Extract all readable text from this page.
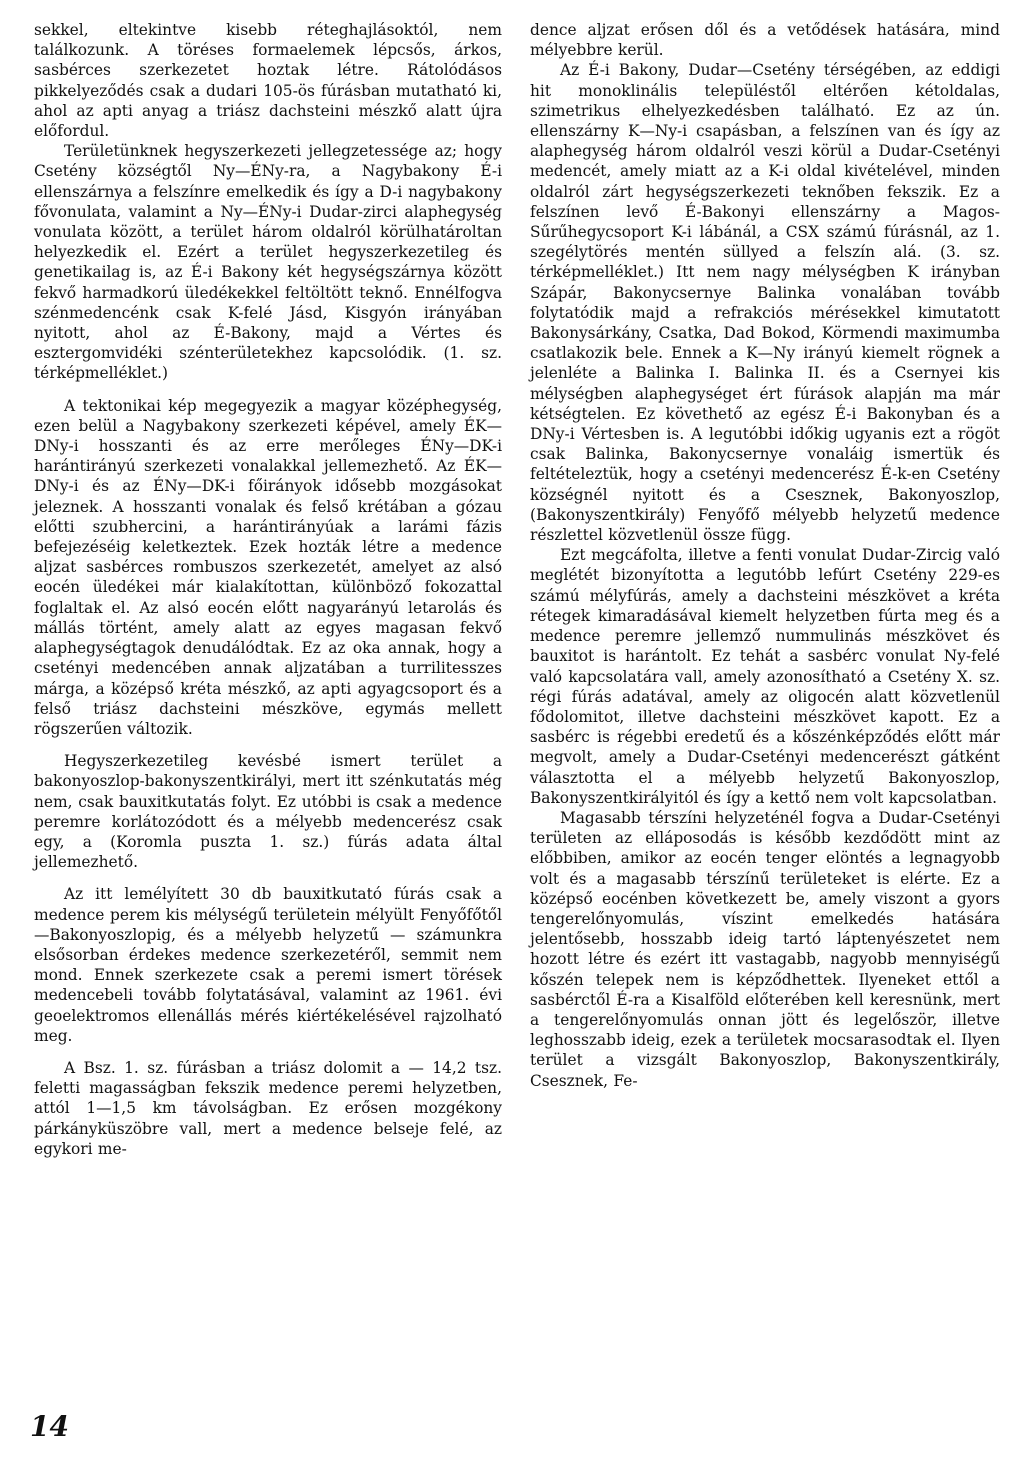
sekkel, eltekintve kisebb réteghajlásoktól, nem találkozunk. A töréses formaelemek lépcsős, árkos, sasbérces szerkezetet hoztak létre. Rátolódásos pikkelyeződés csak a dudari 105-ös fúrásban mutatható ki, ahol az apti anyag a triász dachsteini mészkő alatt újra előfordul.

Területünknek hegyszerkezeti jellegzetessége az; hogy Csetény községtől Ny—ÉNy-ra, a Nagybakony É-i ellenszárnya a felszínre emelkedik és így a D-i nagybakony fővonulata, valamint a Ny—ÉNy-i Dudar-zirci alaphegység vonulata között, a terület három oldalról körülhatároltan helyezkedik el. Ezért a terület hegyszerkezetileg és genetikailag is, az É-i Bakony két hegységszárnya között fekvő harmadkorú üledékekkel feltöltött teknő. Ennélfogva szénmedencénk csak K-felé Jásd, Kisgyón irányában nyitott, ahol az É-Bakony, majd a Vértes és esztergomvidéki szénterületekhez kapcsolódik. (1. sz. térképmelléklet.)

A tektonikai kép megegyezik a magyar középhegység, ezen belül a Nagybakony szerkezeti képével, amely ÉK—DNy-i hosszanti és az erre merőleges ÉNy—DK-i harántirányú szerkezeti vonalakkal jellemezhető. Az ÉK—DNy-i és az ÉNy—DK-i főirányok idősebb mozgásokat jeleznek. A hosszanti vonalak és felső krétában a gózau előtti szubhercini, a harántirányúak a larámi fázis befejezéséig keletkeztek. Ezek hozták létre a medence aljzat sasbérces rombuszos szerkezetét, amelyet az alsó eocén üledékei már kialakítottan, különböző fokozattal foglaltak el. Az alsó eocén előtt nagyarányú letarolás és mállás történt, amely alatt az egyes magasan fekvő alaphegységtagok denudálódtak. Ez az oka annak, hogy a csetényi medencében annak aljzatában a turrilitesszes márga, a középső kréta mészkő, az apti agyagcsoport és a felső triász dachsteini mészköve, egymás mellett rögszerűen változik.

Hegyszerkezetileg kevésbé ismert terület a bakonyoszlop-bakonyszentkirályi, mert itt szénkutatás még nem, csak bauxitkutatás folyt. Ez utóbbi is csak a medence peremre korlátozódott és a mélyebb medencerész csak egy, a (Koromla puszta 1. sz.) fúrás adata által jellemezhető.

Az itt lemélyített 30 db bauxitkutató fúrás csak a medence perem kis mélységű területein mélyült Fenyőfőtől—Bakonyoszlopig, és a mélyebb helyzetű — számunkra elsősorban érdekes medence szerkezetéről, semmit nem mond. Ennek szerkezete csak a peremi ismert törések medencebeli tovább folytatásával, valamint az 1961. évi geoelektromos ellenállás mérés kiértékelésével rajzolható meg.

A Bsz. 1. sz. fúrásban a triász dolomit a — 14,2 tsz. feletti magasságban fekszik medence peremi helyzetben, attól 1—1,5 km távolságban. Ez erősen mozgékony párkányküszöbre vall, mert a medence belseje felé, az egykori me-

dence aljzat erősen dől és a vetődések hatására, mind mélyebbre kerül.

Az É-i Bakony, Dudar—Csetény térségében, az eddigi hit monoklinális településtől eltérően kétoldalas, szimetrikus elhelyezkedésben található. Ez az ún. ellenszárny K—Ny-i csapásban, a felszínen van és így az alaphegység három oldalról veszi körül a Dudar-Csetényi medencét, amely miatt az a K-i oldal kivételével, minden oldalról zárt hegységszerkezeti teknőben fekszik. Ez a felszínen levő É-Bakonyi ellenszárny a Magos-Sűrűhegycsoport K-i lábánál, a CSX számú fúrásnál, az 1. szegélytörés mentén süllyed a felszín alá. (3. sz. térképmelléklet.) Itt nem nagy mélységben K irányban Szápár, Bakonycsernye Balinka vonalában tovább folytatódik majd a refrakciós mérésekkel kimutatott Bakonysárkány, Csatka, Dad Bokod, Körmendi maximumba csatlakozik bele. Ennek a K—Ny irányú kiemelt rögnek a jelenléte a Balinka I. Balinka II. és a Csernyei kis mélységben alaphegységet ért fúrások alapján ma már kétségtelen. Ez követhető az egész É-i Bakonyban és a DNy-i Vértesben is. A legutóbbi időkig ugyanis ezt a rögöt csak Balinka, Bakonycsernye vonaláig ismertük és feltételeztük, hogy a csetényi medencerész É-k-en Csetény községnél nyitott és a Csesznek, Bakonyoszlop, (Bakonyszentkirály) Fenyőfő mélyebb helyzetű medence részlettel közvetlenül össze függ.

Ezt megcáfolta, illetve a fenti vonulat Dudar-Zircig való meglétét bizonyította a legutóbb lefúrt Csetény 229-es számú mélyfúrás, amely a dachsteini mészkövet a kréta rétegek kimaradásával kiemelt helyzetben fúrta meg és a medence peremre jellemző nummulinás mészkövet és bauxitot is harántolt. Ez tehát a sasbérc vonulat Ny-felé való kapcsolatára vall, amely azonosítható a Csetény X. sz. régi fúrás adatával, amely az oligocén alatt közvetlenül fődolomitot, illetve dachsteini mészkövet kapott. Ez a sasbérc is régebbi eredetű és a kőszénképződés előtt már megvolt, amely a Dudar-Csetényi medencerészt gátként választotta el a mélyebb helyzetű Bakonyoszlop, Bakonyszentkirályitól és így a kettő nem volt kapcsolatban.

Magasabb térszíni helyzeténél fogva a Dudar-Csetényi területen az elláposodás is később kezdődött mint az előbbiben, amikor az eocén tenger elöntés a legnagyobb volt és a magasabb térszínű területeket is elérte. Ez a középső eocénben következett be, amely viszont a gyors tengerelőnyomulás, víszint emelkedés hatására jelentősebb, hosszabb ideig tartó láptenyészetet nem hozott létre és ezért itt vastagabb, nagyobb mennyiségű kőszén telepek nem is képződhettek. Ilyeneket ettől a sasbérctől É-ra a Kisalföld előterében kell keresnünk, mert a tengerelőnyomulás onnan jött és legelőször, illetve leghosszabb ideig, ezek a területek mocsarasodtak el. Ilyen terület a vizsgált Bakonyoszlop, Bakonyszentkirály, Csesznek, Fe-

14
